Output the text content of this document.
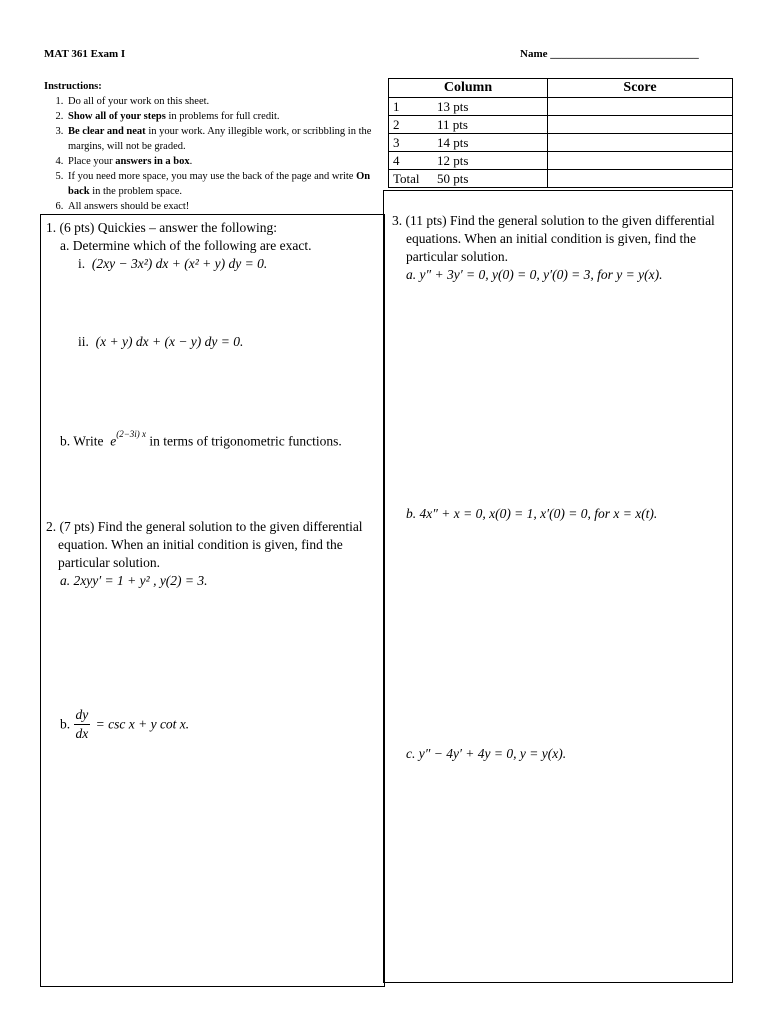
MAT 361 Exam I	Name ___________________________
Instructions:
1. Do all of your work on this sheet.
2. Show all of your steps in problems for full credit.
3. Be clear and neat in your work. Any illegible work, or scribbling in the margins, will not be graded.
4. Place your answers in a box.
5. If you need more space, you may use the back of the page and write On back in the problem space.
6. All answers should be exact!
Column	Score
1 13 pts	
2 11 pts	
3 14 pts	
4 12 pts	
Total 50 pts	
1. (6 pts) Quickies – answer the following:
a. Determine which of the following are exact.
i. (2xy − 3x²) dx + (x² + y) dy = 0.
ii. (x + y) dx + (x − y) dy = 0.
b. Write $e^{(2-3i) x}$ in terms of trigonometric functions.
2. (7 pts) Find the general solution to the given differential equation. When an initial condition is given, find the particular solution.
a. 2xyy′ = 1 + y² , y(2) = 3.
b. $\frac{dy}{dx} = \csc x + y$ cot x.
3. (11 pts) Find the general solution to the given differential equations. When an initial condition is given, find the particular solution.
a. y″ + 3y′ = 0, y(0) = 0, y′(0) = 3, for y = y(x).
b. 4x″ + x = 0, x(0) = 1, x′(0) = 0, for x = x(t).
c. y″ − 4y′ + 4y = 0, y = y(x).
